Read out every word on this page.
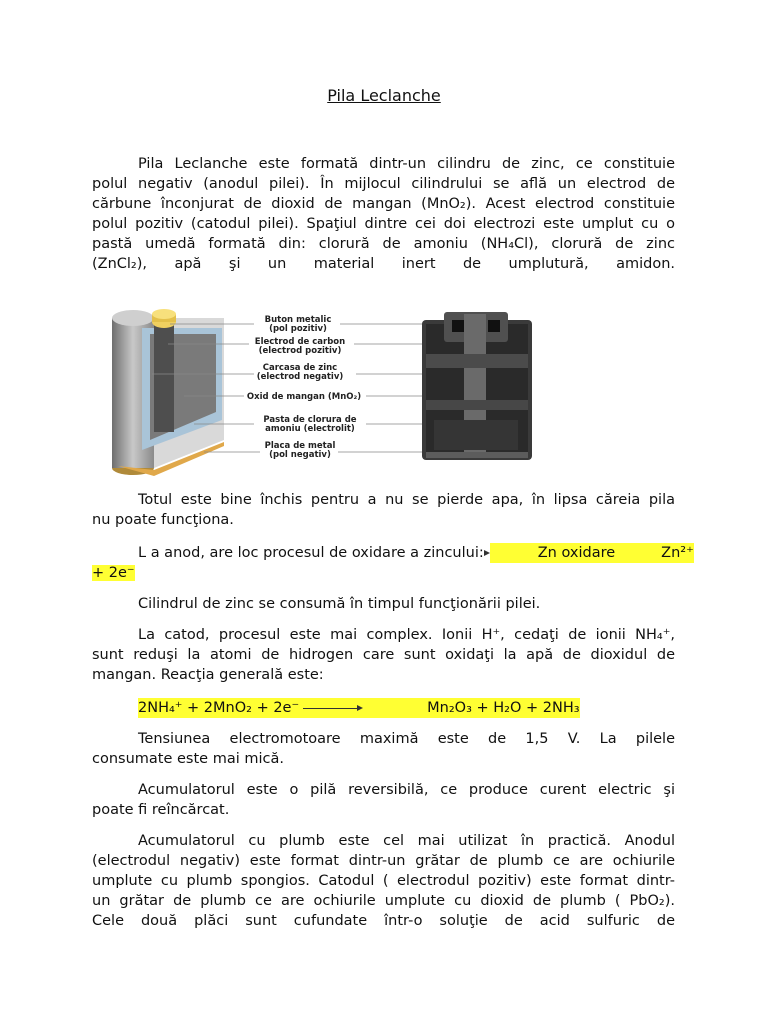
Pila Leclanche
Pila Leclanche este formată dintr-un cilindru de zinc, ce constituie
polul negativ (anodul pilei). În mijlocul cilindrului se află un electrod de
cărbune înconjurat de dioxid de mangan (MnO₂). Acest electrod constituie
polul pozitiv (catodul pilei). Spaţiul dintre cei doi electrozi este umplut cu o
pastă umedă formată din: clorură de amoniu (NH₄Cl), clorură de zinc
(ZnCl₂), apă şi un material inert de umplutură, amidon.
Buton metalic
(pol pozitiv)
Electrod de carbon
(electrod pozitiv)
Carcasa de zinc
(electrod negativ)
Oxid de mangan (MnO₂)
Pasta de clorura de
amoniu (electrolit)
Placa de metal
(pol negativ)
Totul este bine închis pentru a nu se pierde apa, în lipsa căreia pila
nu poate funcţiona.
L a anod, are loc procesul de oxidare a zincului:	Zn oxidare	Zn²⁺
+ 2e⁻
Cilindrul de zinc se consumă în timpul funcţionării pilei.
La catod, procesul este mai complex. Ionii H⁺, cedaţi de ionii NH₄⁺,
sunt reduşi la atomi de hidrogen care sunt oxidaţi la apă de dioxidul de
mangan. Reacţia generală este:
2NH₄⁺ + 2MnO₂ + 2e⁻	Mn₂O₃ + H₂O + 2NH₃
Tensiunea electromotoare maximă este de 1,5 V. La pilele
consumate este mai mică.
Acumulatorul este o pilă reversibilă, ce produce curent electric şi
poate fi reîncărcat.
Acumulatorul cu plumb este cel mai utilizat în practică. Anodul
(electrodul negativ) este format dintr-un grătar de plumb ce are ochiurile
umplute cu plumb spongios. Catodul ( electrodul pozitiv) este format dintr-
un grătar de plumb ce are ochiurile umplute cu dioxid de plumb ( PbO₂).
Cele două plăci sunt cufundate într-o soluţie de acid sulfuric de
